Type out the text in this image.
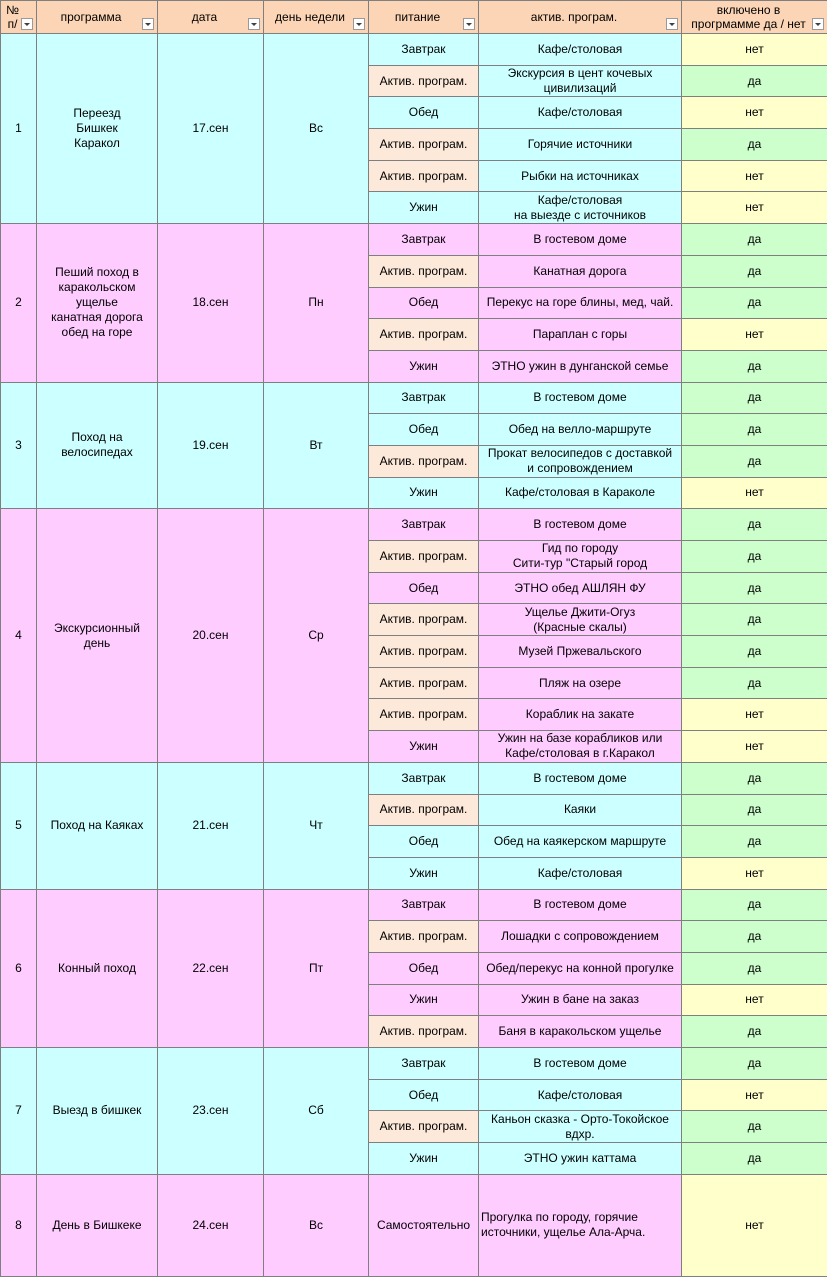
№ п/	программа	дата	день недели	питание	актив. програм.	включено в прогрмамме да / нет

1	Переезд
Бишкек
Каракол	17.сен	Вс	Завтрак	Кафе/столовая	нет
				Актив. програм.	Экскурсия в цент кочевых
цивилизаций	да
				Обед	Кафе/столовая	нет
				Актив. програм.	Горячие источники	да
				Актив. програм.	Рыбки на источниках	нет
				Ужин	Кафе/столовая
на выезде с источников	нет
2	Пеший поход в
каракольском
ущелье
канатная дорога
обед на горе	18.сен	Пн	Завтрак	В гостевом доме	да
				Актив. програм.	Канатная дорога	да
				Обед	Перекус на горе блины, мед, чай.	да
				Актив. програм.	Параплан с горы	нет
				Ужин	ЭТНО ужин в дунганской семье	да
3	Поход на
велосипедах	19.сен	Вт	Завтрак	В гостевом доме	да
				Обед	Обед на велло-маршруте	да
				Актив. програм.	Прокат велосипедов с доставкой
и сопровождением	да
				Ужин	Кафе/столовая в Караколе	нет
4	Экскурсионный
день	20.сен	Ср	Завтрак	В гостевом доме	да
				Актив. програм.	Гид по городу
Сити-тур "Старый город	да
				Обед	ЭТНО обед АШЛЯН ФУ	да
				Актив. програм.	Ущелье Джити-Огуз
(Красные скалы)	да
				Актив. програм.	Музей Пржевальского	да
				Актив. програм.	Пляж на озере	да
				Актив. програм.	Кораблик на закате	нет
				Ужин	Ужин на базе корабликов или
Кафе/столовая в г.Каракол	нет
5	Поход на Каяках	21.сен	Чт	Завтрак	В гостевом доме	да
				Актив. програм.	Каяки	да
				Обед	Обед на каякерском маршруте	да
				Ужин	Кафе/столовая	нет
6	Конный поход	22.сен	Пт	Завтрак	В гостевом доме	да
				Актив. програм.	Лошадки с сопровождением	да
				Обед	Обед/перекус на конной прогулке	да
				Ужин	Ужин в бане на заказ	нет
				Актив. програм.	Баня в каракольском ущелье	да
7	Выезд в бишкек	23.сен	Сб	Завтрак	В гостевом доме	да
				Обед	Кафе/столовая	нет
				Актив. програм.	Каньон сказка - Орто-Токойское
вдхр.	да
				Ужин	ЭТНО ужин каттама	да
8	День в Бишкеке	24.сен	Вс	Самостоятельно	Прогулка по городу, горячие
источники, ущелье Ала-Арча.	нет
